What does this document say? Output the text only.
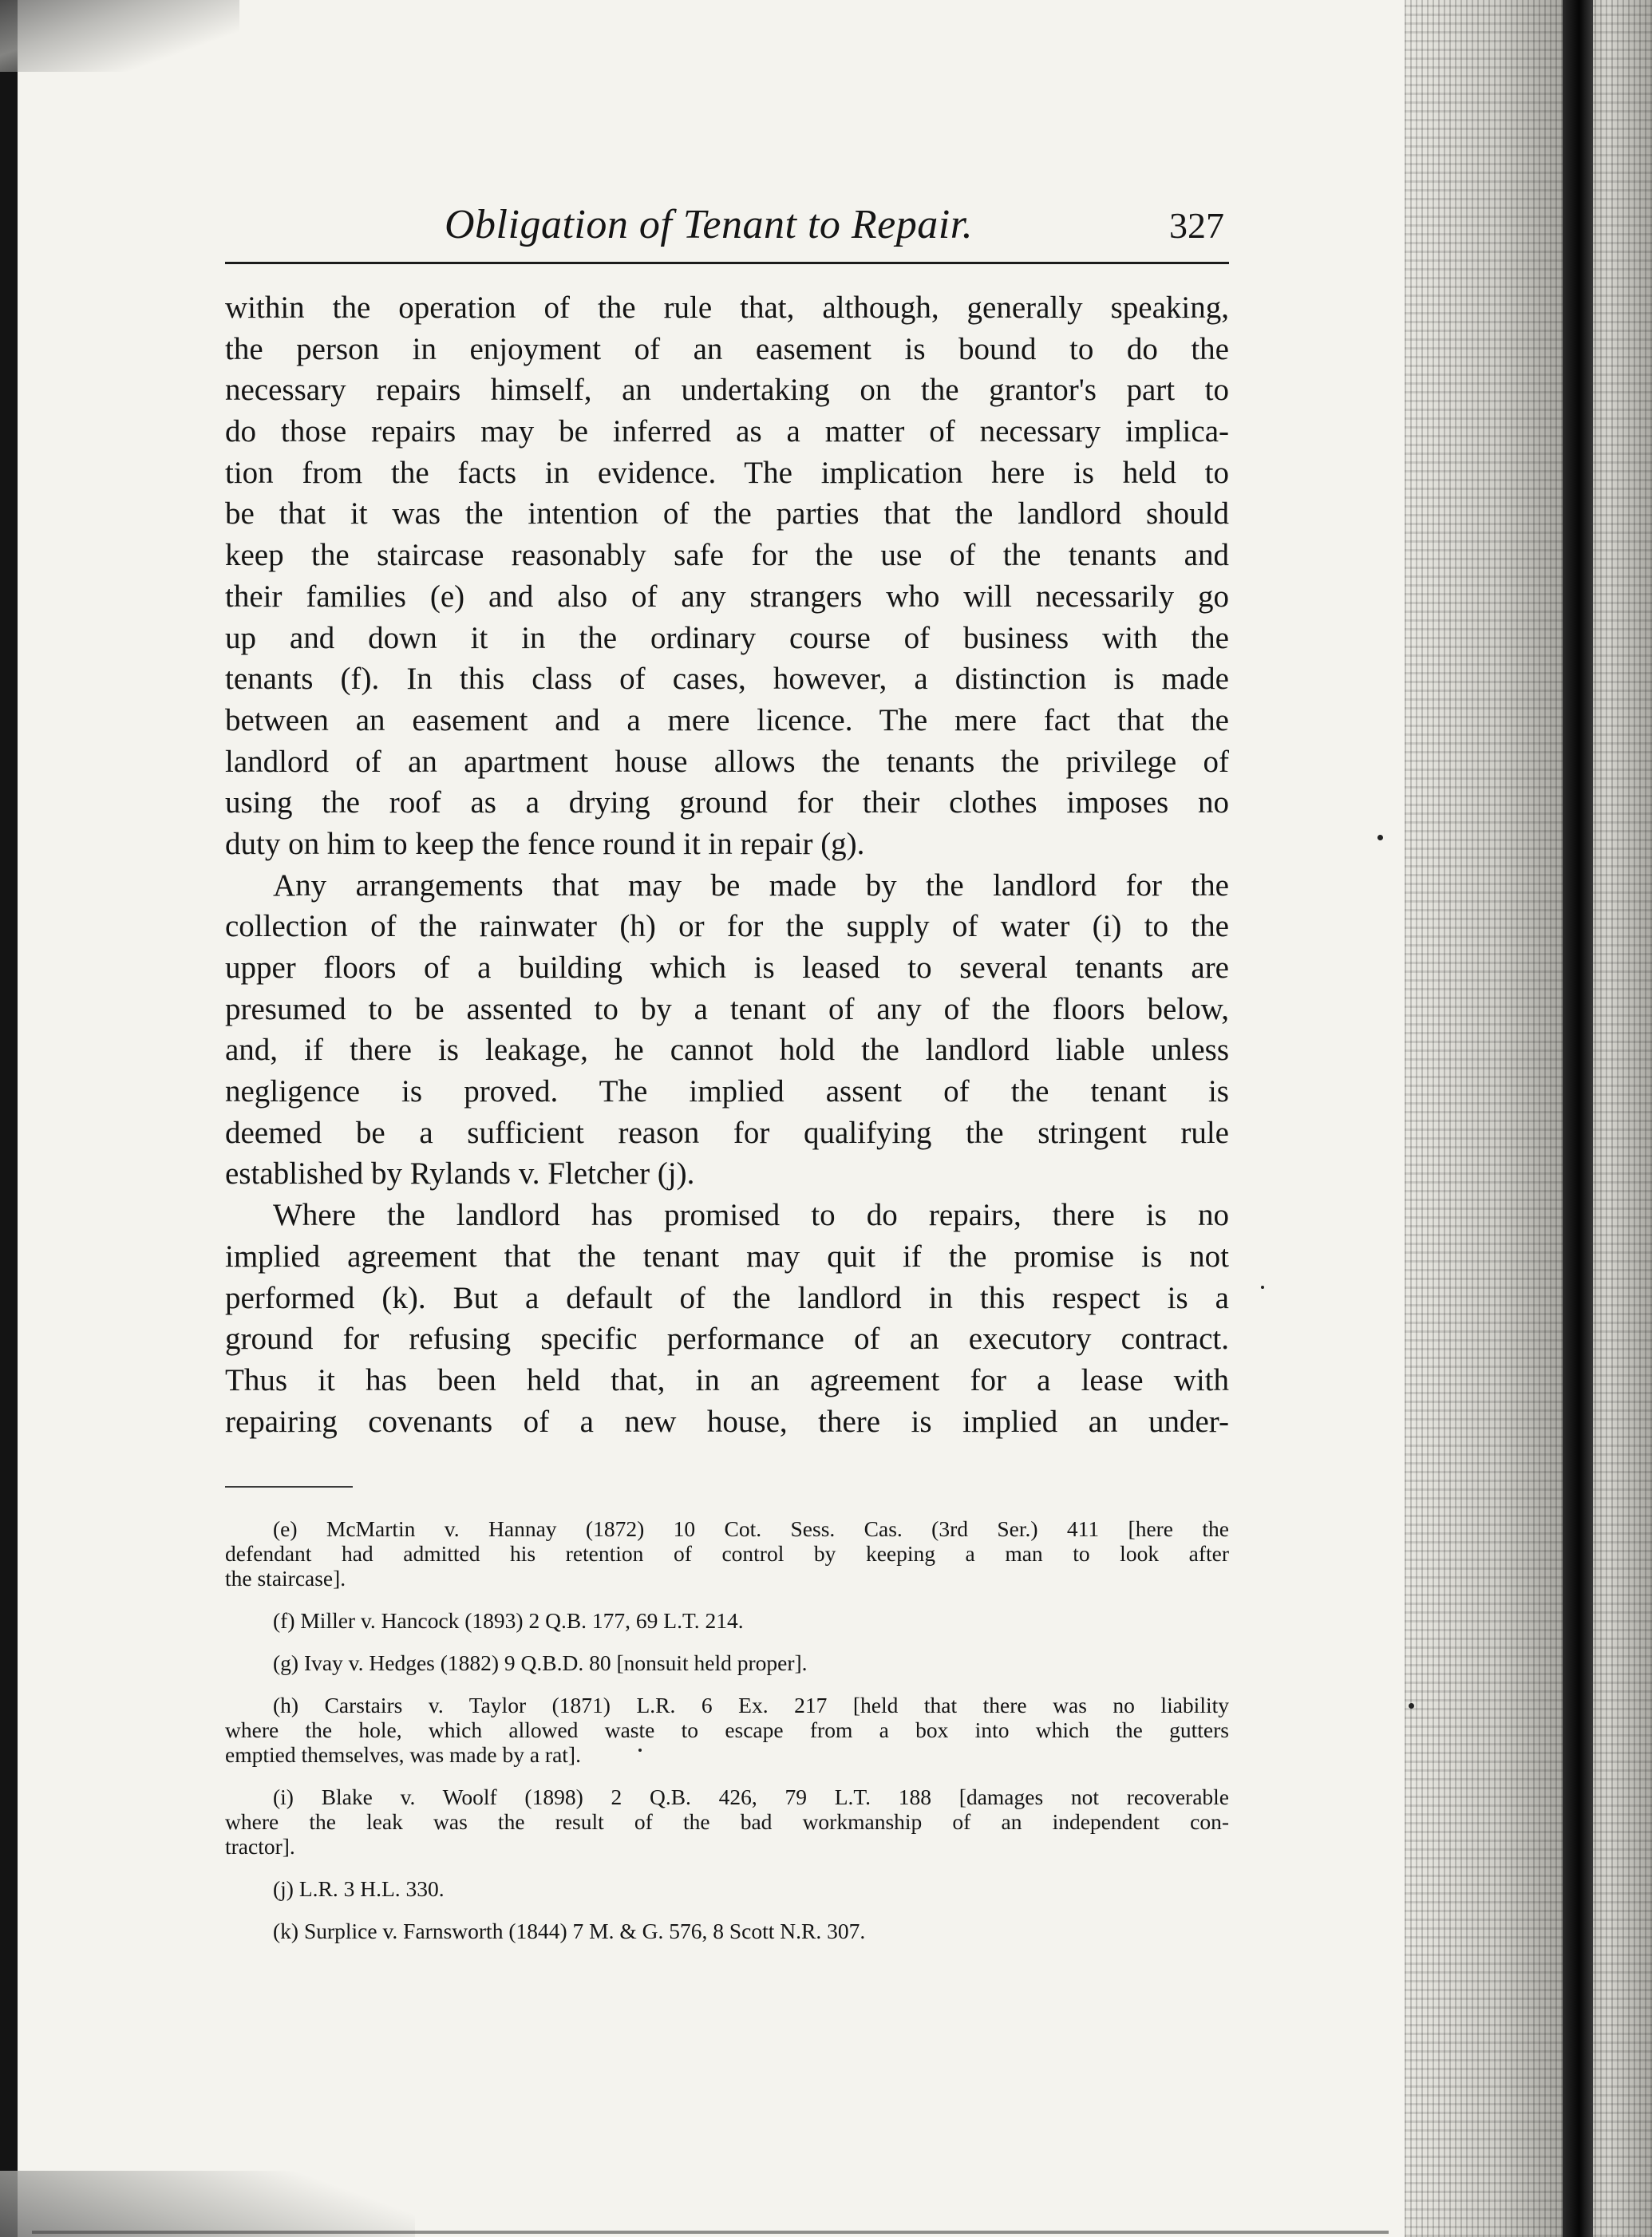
Obligation of Tenant to Repair.	327
within the operation of the rule that, although, generally speaking,
the person in enjoyment of an easement is bound to do the
necessary repairs himself, an undertaking on the grantor's part to
do those repairs may be inferred as a matter of necessary implica-
tion from the facts in evidence. The implication here is held to
be that it was the intention of the parties that the landlord should
keep the staircase reasonably safe for the use of the tenants and
their families (e) and also of any strangers who will necessarily go
up and down it in the ordinary course of business with the
tenants (f). In this class of cases, however, a distinction is made
between an easement and a mere licence. The mere fact that the
landlord of an apartment house allows the tenants the privilege of
using the roof as a drying ground for their clothes imposes no
duty on him to keep the fence round it in repair (g).
Any arrangements that may be made by the landlord for the
collection of the rainwater (h) or for the supply of water (i) to the
upper floors of a building which is leased to several tenants are
presumed to be assented to by a tenant of any of the floors below,
and, if there is leakage, he cannot hold the landlord liable unless
negligence is proved. The implied assent of the tenant is
deemed be a sufficient reason for qualifying the stringent rule
established by Rylands v. Fletcher (j).
Where the landlord has promised to do repairs, there is no
implied agreement that the tenant may quit if the promise is not
performed (k). But a default of the landlord in this respect is a
ground for refusing specific performance of an executory contract.
Thus it has been held that, in an agreement for a lease with
repairing covenants of a new house, there is implied an under-
(e) McMartin v. Hannay (1872) 10 Cot. Sess. Cas. (3rd Ser.) 411 [here the
defendant had admitted his retention of control by keeping a man to look after
the staircase].
(f) Miller v. Hancock (1893) 2 Q.B. 177, 69 L.T. 214.
(g) Ivay v. Hedges (1882) 9 Q.B.D. 80 [nonsuit held proper].
(h) Carstairs v. Taylor (1871) L.R. 6 Ex. 217 [held that there was no liability
where the hole, which allowed waste to escape from a box into which the gutters
emptied themselves, was made by a rat].
(i) Blake v. Woolf (1898) 2 Q.B. 426, 79 L.T. 188 [damages not recoverable
where the leak was the result of the bad workmanship of an independent con-
tractor].
(j) L.R. 3 H.L. 330.
(k) Surplice v. Farnsworth (1844) 7 M. & G. 576, 8 Scott N.R. 307.
